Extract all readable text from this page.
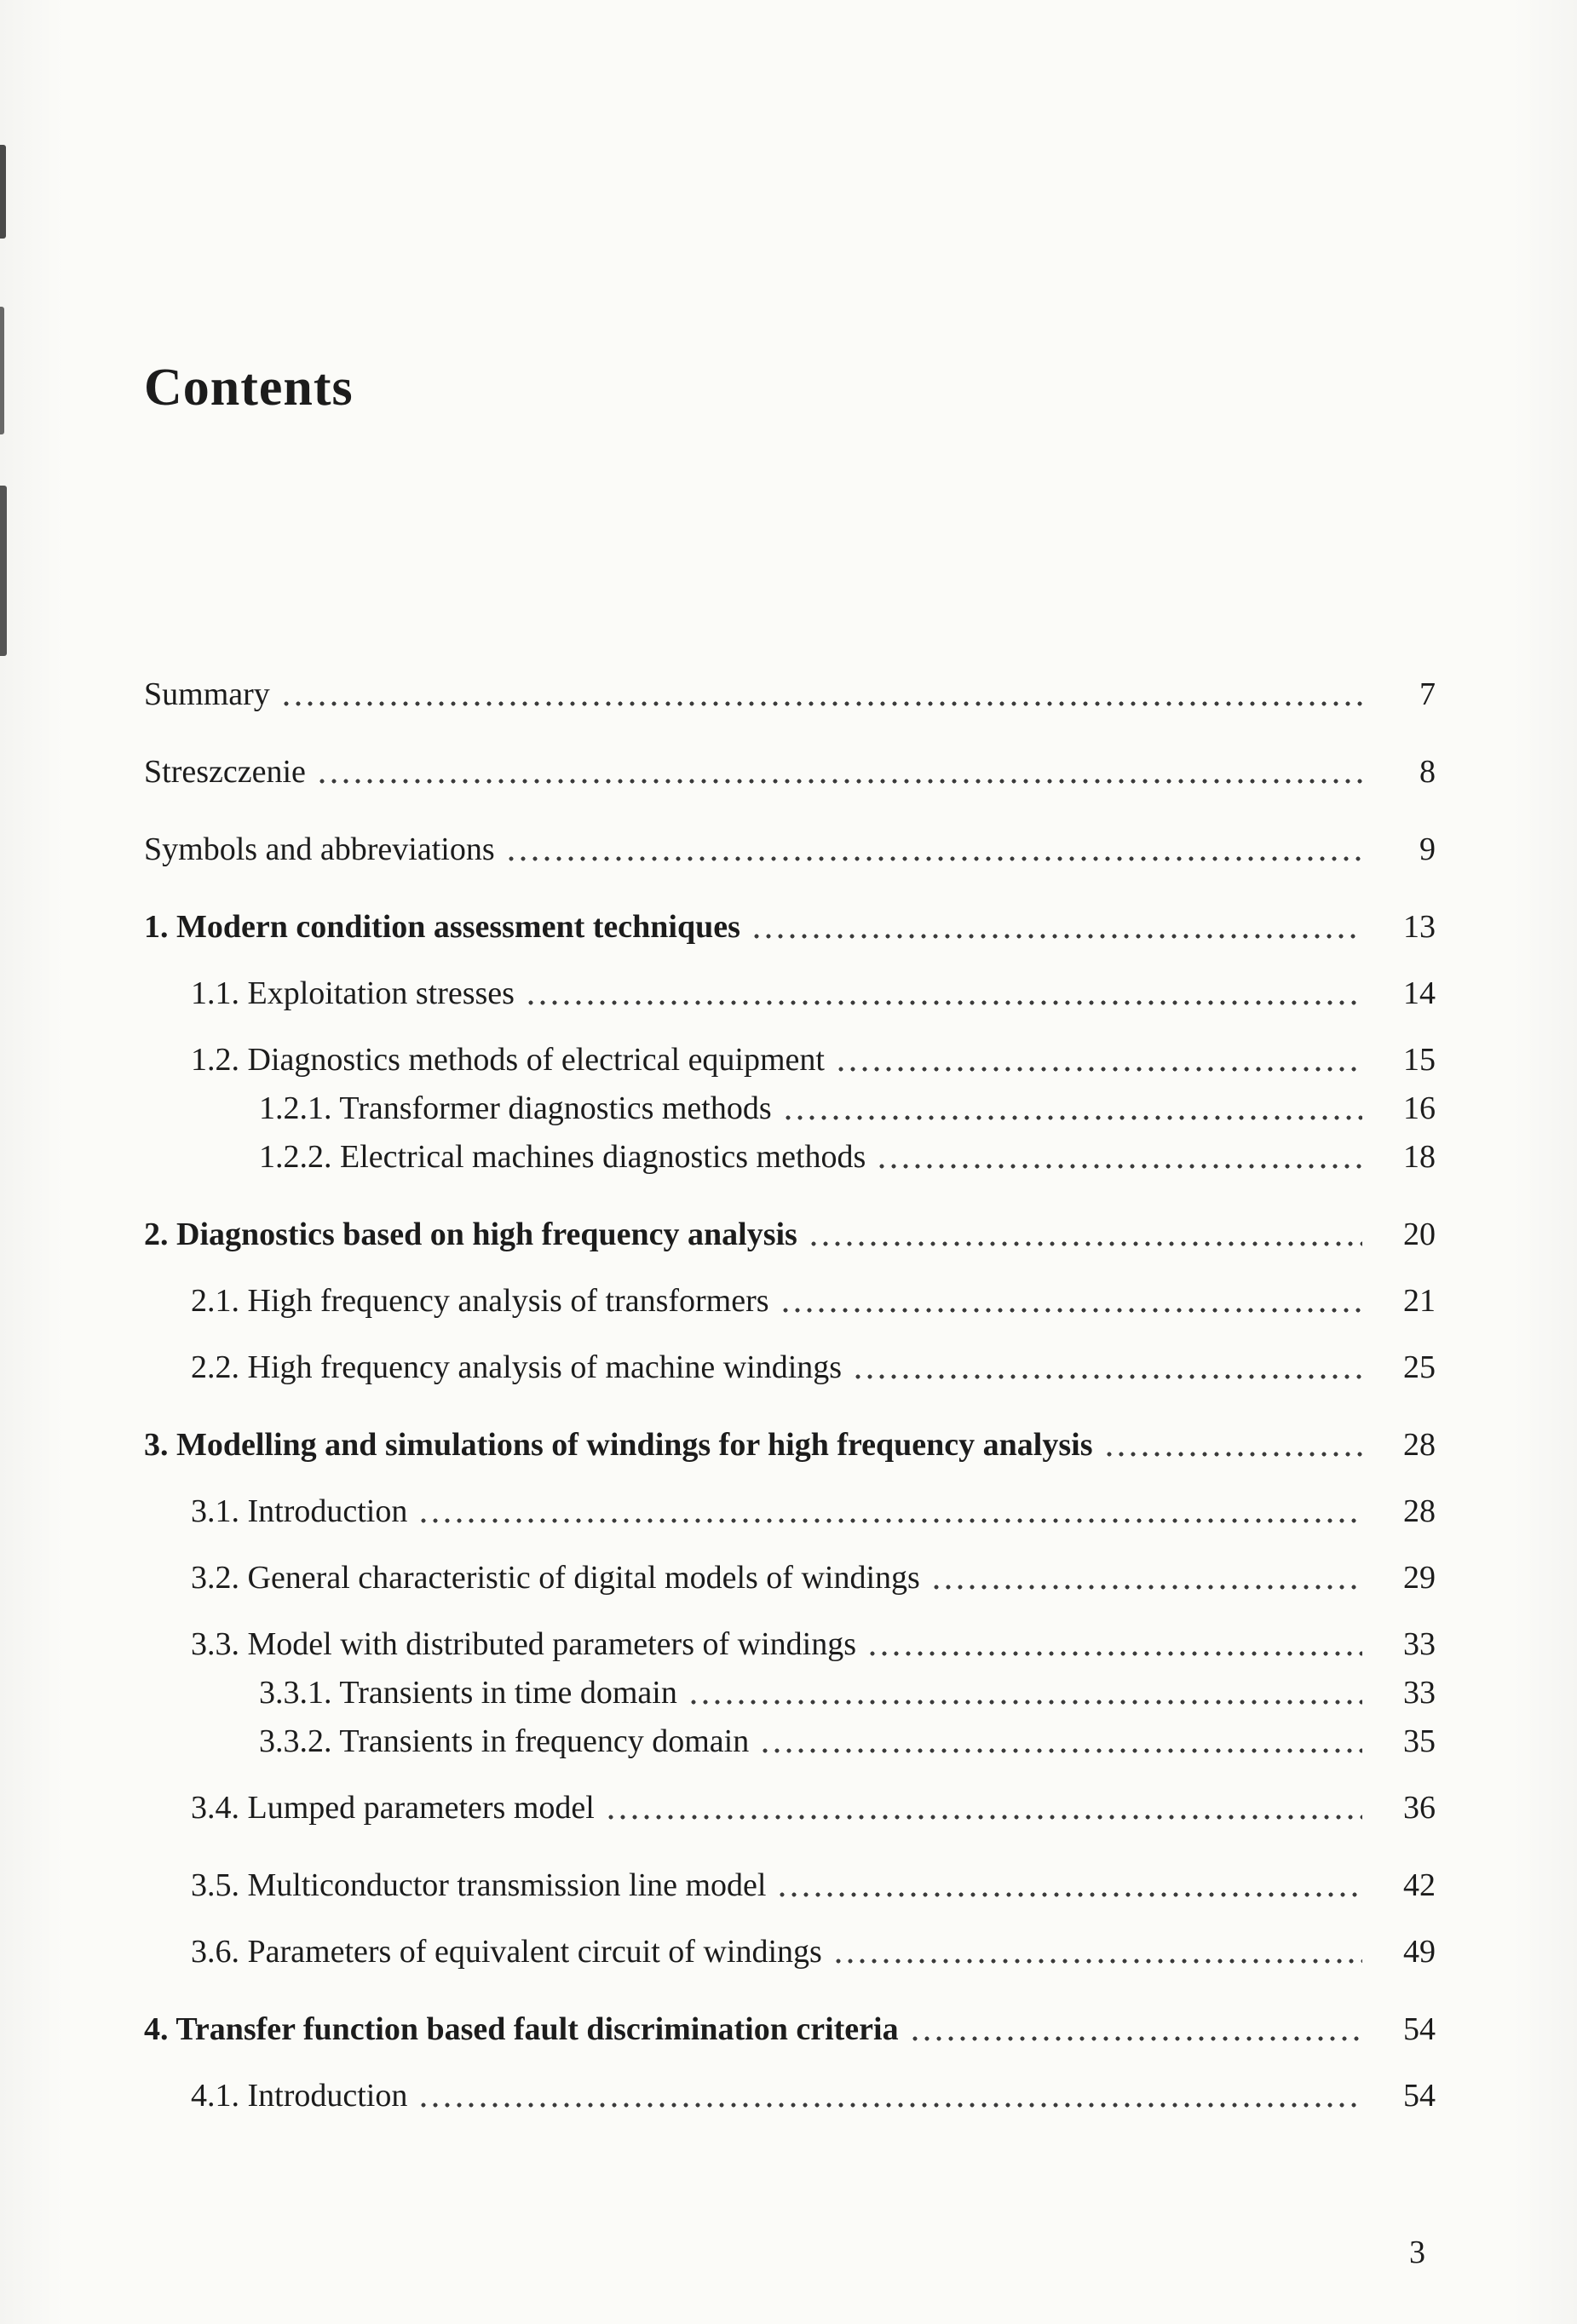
Contents
Summary	7
Streszczenie	8
Symbols and abbreviations	9
1. Modern condition assessment techniques	13
1.1. Exploitation stresses	14
1.2. Diagnostics methods of electrical equipment	15
1.2.1. Transformer diagnostics methods	16
1.2.2. Electrical machines diagnostics methods	18
2. Diagnostics based on high frequency analysis	20
2.1. High frequency analysis of transformers	21
2.2. High frequency analysis of machine windings	25
3. Modelling and simulations of windings for high frequency analysis	28
3.1. Introduction	28
3.2. General characteristic of digital models of windings	29
3.3. Model with distributed parameters of windings	33
3.3.1. Transients in time domain	33
3.3.2. Transients in frequency domain	35
3.4. Lumped parameters model	36
3.5. Multiconductor transmission line model	42
3.6. Parameters of equivalent circuit of windings	49
4. Transfer function based fault discrimination criteria	54
4.1. Introduction	54
3
